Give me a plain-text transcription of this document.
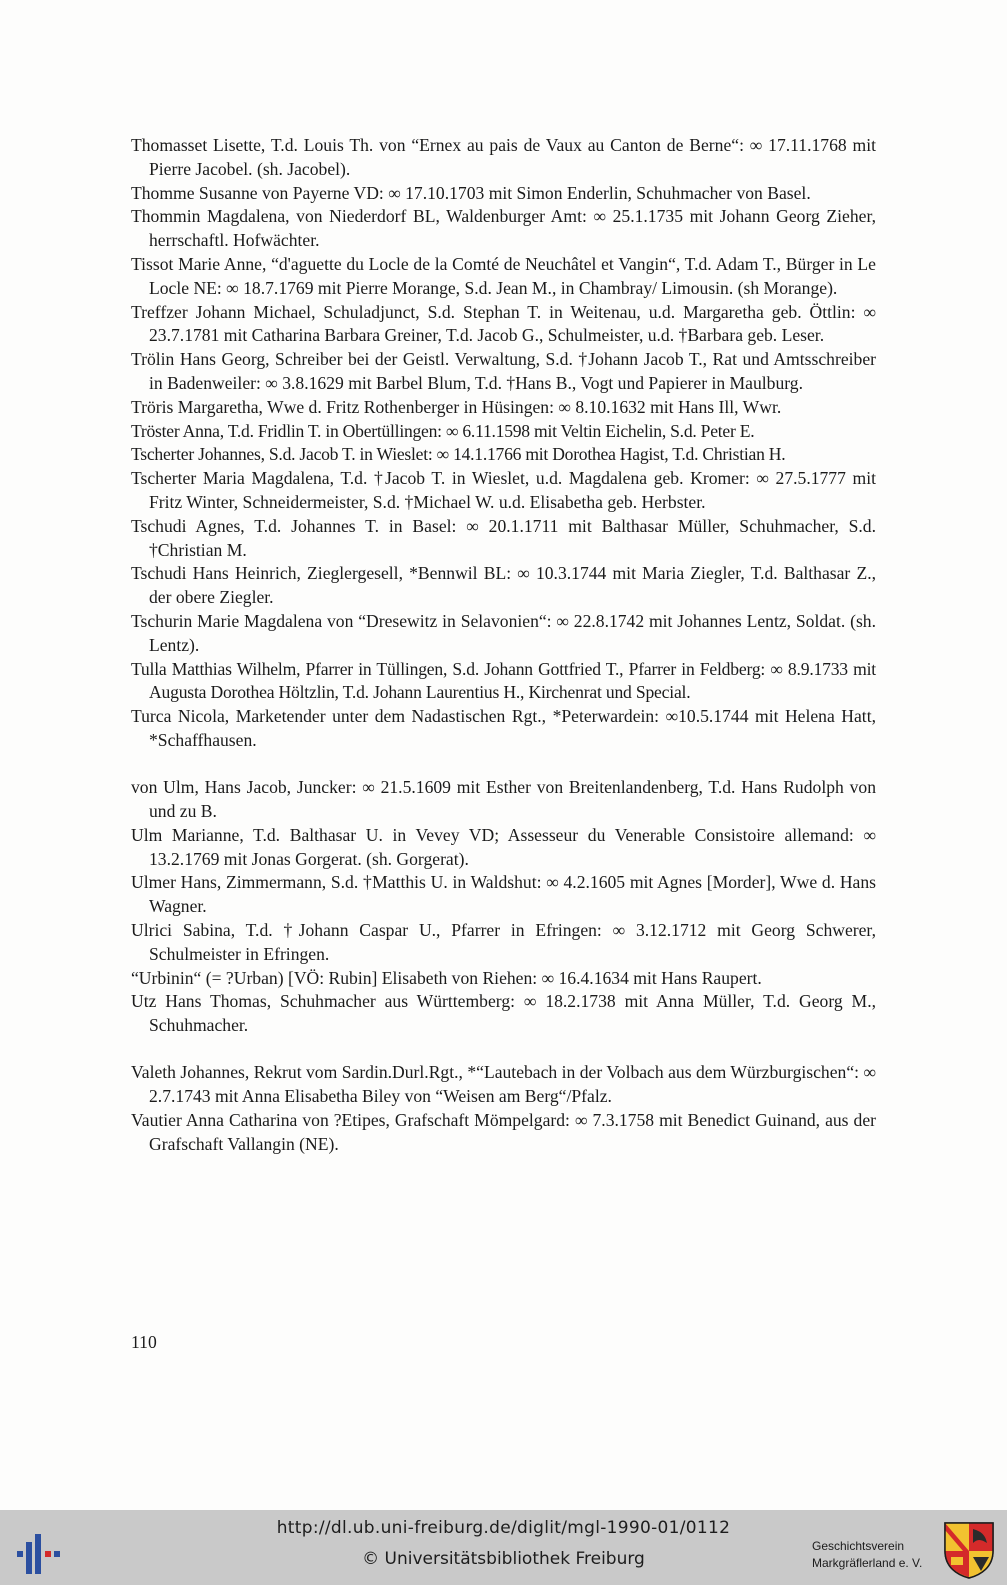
Thomasset Lisette, T.d. Louis Th. von “Ernex au pais de Vaux au Canton de Berne“: ∞ 17.11.1768 mit Pierre Jacobel. (sh. Jacobel).

Thomme Susanne von Payerne VD: ∞ 17.10.1703 mit Simon Enderlin, Schuhmacher von Basel.

Thommin Magdalena, von Niederdorf BL, Waldenburger Amt: ∞ 25.1.1735 mit Johann Georg Zieher, herrschaftl. Hofwächter.

Tissot Marie Anne, “d'aguette du Locle de la Comté de Neuchâtel et Vangin“, T.d. Adam T., Bürger in Le Locle NE: ∞ 18.7.1769 mit Pierre Morange, S.d. Jean M., in Chambray/ Limousin. (sh Morange).

Treffzer Johann Michael, Schuladjunct, S.d. Stephan T. in Weitenau, u.d. Margaretha geb. Öttlin: ∞ 23.7.1781 mit Catharina Barbara Greiner, T.d. Jacob G., Schulmeister, u.d. †Barbara geb. Leser.

Trölin Hans Georg, Schreiber bei der Geistl. Verwaltung, S.d. †Johann Jacob T., Rat und Amtsschreiber in Badenweiler: ∞ 3.8.1629 mit Barbel Blum, T.d. †Hans B., Vogt und Papierer in Maulburg.

Tröris Margaretha, Wwe d. Fritz Rothenberger in Hüsingen: ∞ 8.10.1632 mit Hans Ill, Wwr.

Tröster Anna, T.d. Fridlin T. in Obertüllingen: ∞ 6.11.1598 mit Veltin Eichelin, S.d. Peter E.

Tscherter Johannes, S.d. Jacob T. in Wieslet: ∞ 14.1.1766 mit Dorothea Hagist, T.d. Christian H.

Tscherter Maria Magdalena, T.d. †Jacob T. in Wieslet, u.d. Magdalena geb. Kromer: ∞ 27.5.1777 mit Fritz Winter, Schneidermeister, S.d. †Michael W. u.d. Elisabetha geb. Herbster.

Tschudi Agnes, T.d. Johannes T. in Basel: ∞ 20.1.1711 mit Balthasar Müller, Schuhmacher, S.d. †Christian M.

Tschudi Hans Heinrich, Zieglergesell, *Bennwil BL: ∞ 10.3.1744 mit Maria Ziegler, T.d. Balthasar Z., der obere Ziegler.

Tschurin Marie Magdalena von “Dresewitz in Selavonien“: ∞ 22.8.1742 mit Johannes Lentz, Soldat. (sh. Lentz).

Tulla Matthias Wilhelm, Pfarrer in Tüllingen, S.d. Johann Gottfried T., Pfarrer in Feldberg: ∞ 8.9.1733 mit Augusta Dorothea Höltzlin, T.d. Johann Laurentius H., Kirchenrat und Special.

Turca Nicola, Marketender unter dem Nadastischen Rgt., *Peterwardein: ∞10.5.1744 mit Helena Hatt, *Schaffhausen.

von Ulm, Hans Jacob, Juncker: ∞ 21.5.1609 mit Esther von Breitenlandenberg, T.d. Hans Rudolph von und zu B.

Ulm Marianne, T.d. Balthasar U. in Vevey VD; Assesseur du Venerable Consistoire allemand: ∞ 13.2.1769 mit Jonas Gorgerat. (sh. Gorgerat).

Ulmer Hans, Zimmermann, S.d. †Matthis U. in Waldshut: ∞ 4.2.1605 mit Agnes [Morder], Wwe d. Hans Wagner.

Ulrici Sabina, T.d. †Johann Caspar U., Pfarrer in Efringen: ∞ 3.12.1712 mit Georg Schwerer, Schulmeister in Efringen.

“Urbinin“ (= ?Urban) [VÖ: Rubin] Elisabeth von Riehen: ∞ 16.4.1634 mit Hans Raupert.

Utz Hans Thomas, Schuhmacher aus Württemberg: ∞ 18.2.1738 mit Anna Müller, T.d. Georg M., Schuhmacher.

Valeth Johannes, Rekrut vom Sardin.Durl.Rgt., *“Lautebach in der Volbach aus dem Würzburgischen“: ∞ 2.7.1743 mit Anna Elisabetha Biley von “Weisen am Berg“/Pfalz.

Vautier Anna Catharina von ?Etipes, Grafschaft Mömpelgard: ∞ 7.3.1758 mit Benedict Guinand, aus der Grafschaft Vallangin (NE).

110

http://dl.ub.uni-freiburg.de/diglit/mgl-1990-01/0112

© Universitätsbibliothek Freiburg

Geschichtsverein
Markgräflerland e. V.
